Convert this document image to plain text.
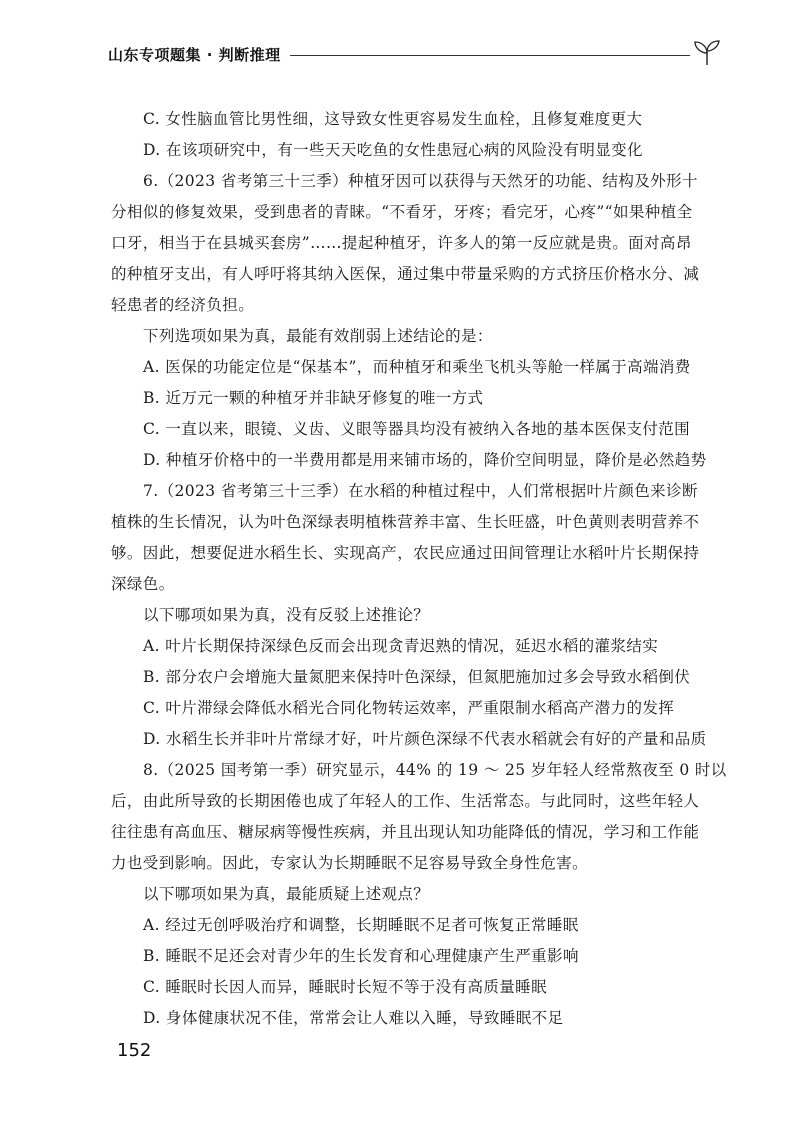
山东专项题集 · 判断推理
C. 女性脑血管比男性细，这导致女性更容易发生血栓，且修复难度更大
D. 在该项研究中，有一些天天吃鱼的女性患冠心病的风险没有明显变化
6.（2023 省考第三十三季）种植牙因可以获得与天然牙的功能、结构及外形十
分相似的修复效果，受到患者的青睐。“不看牙，牙疼；看完牙，心疼”“如果种植全
口牙，相当于在县城买套房”……提起种植牙，许多人的第一反应就是贵。面对高昂
的种植牙支出，有人呼吁将其纳入医保，通过集中带量采购的方式挤压价格水分、减
轻患者的经济负担。
下列选项如果为真，最能有效削弱上述结论的是：
A. 医保的功能定位是“保基本”，而种植牙和乘坐飞机头等舱一样属于高端消费
B. 近万元一颗的种植牙并非缺牙修复的唯一方式
C. 一直以来，眼镜、义齿、义眼等器具均没有被纳入各地的基本医保支付范围
D. 种植牙价格中的一半费用都是用来铺市场的，降价空间明显，降价是必然趋势
7.（2023 省考第三十三季）在水稻的种植过程中，人们常根据叶片颜色来诊断
植株的生长情况，认为叶色深绿表明植株营养丰富、生长旺盛，叶色黄则表明营养不
够。因此，想要促进水稻生长、实现高产，农民应通过田间管理让水稻叶片长期保持
深绿色。
以下哪项如果为真，没有反驳上述推论？
A. 叶片长期保持深绿色反而会出现贪青迟熟的情况，延迟水稻的灌浆结实
B. 部分农户会增施大量氮肥来保持叶色深绿，但氮肥施加过多会导致水稻倒伏
C. 叶片滞绿会降低水稻光合同化物转运效率，严重限制水稻高产潜力的发挥
D. 水稻生长并非叶片常绿才好，叶片颜色深绿不代表水稻就会有好的产量和品质
8.（2025 国考第一季）研究显示，44% 的 19 ～ 25 岁年轻人经常熬夜至 0 时以
后，由此所导致的长期困倦也成了年轻人的工作、生活常态。与此同时，这些年轻人
往往患有高血压、糖尿病等慢性疾病，并且出现认知功能降低的情况，学习和工作能
力也受到影响。因此，专家认为长期睡眠不足容易导致全身性危害。
以下哪项如果为真，最能质疑上述观点？
A. 经过无创呼吸治疗和调整，长期睡眠不足者可恢复正常睡眠
B. 睡眠不足还会对青少年的生长发育和心理健康产生严重影响
C. 睡眠时长因人而异，睡眠时长短不等于没有高质量睡眠
D. 身体健康状况不佳，常常会让人难以入睡，导致睡眠不足
152
